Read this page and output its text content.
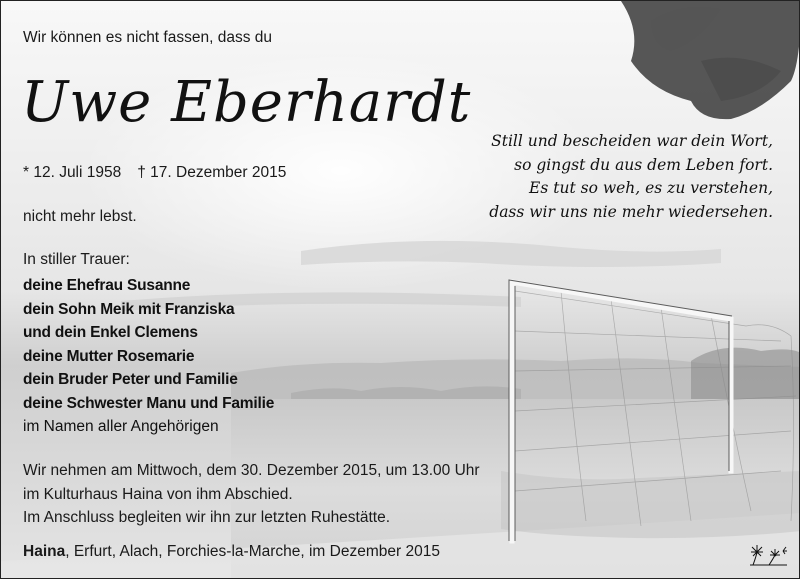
Wir können es nicht fassen, dass du
Uwe Eberhardt
* 12. Juli 1958 † 17. Dezember 2015
nicht mehr lebst.
In stiller Trauer:
deine Ehefrau Susanne
dein Sohn Meik mit Franziska
und dein Enkel Clemens
deine Mutter Rosemarie
dein Bruder Peter und Familie
deine Schwester Manu und Familie
im Namen aller Angehörigen
Wir nehmen am Mittwoch, dem 30. Dezember 2015, um 13.00 Uhr
im Kulturhaus Haina von ihm Abschied.
Im Anschluss begleiten wir ihn zur letzten Ruhestätte.
Haina, Erfurt, Alach, Forchies-la-Marche, im Dezember 2015
Still und bescheiden war dein Wort,
so gingst du aus dem Leben fort.
Es tut so weh, es zu verstehen,
dass wir uns nie mehr wiedersehen.
